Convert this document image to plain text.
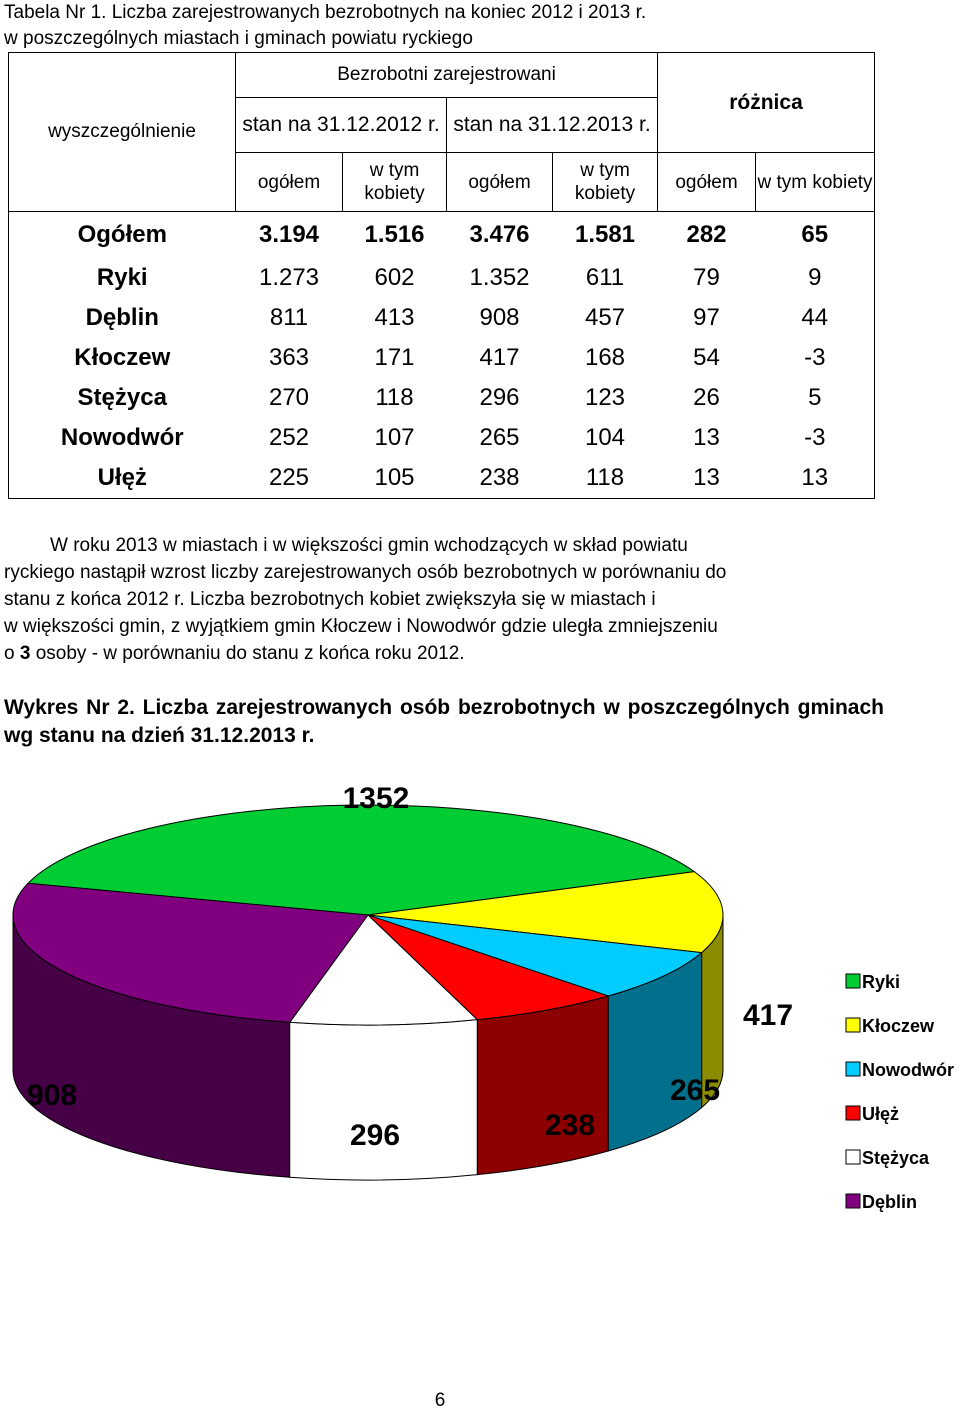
Tabela Nr 1. Liczba zarejestrowanych bezrobotnych na koniec 2012 i 2013 r.
w poszczególnych miastach i gminach powiatu ryckiego
wyszczególnienie	Bezrobotni zarejestrowani				różnica	
	stan na 31.12.2012 r.		stan na 31.12.2013 r.			
	ogółem	w tym kobiety	ogółem	w tym kobiety	ogółem	w tym kobiety
Ogółem	3.194	1.516	3.476	1.581	282	65
Ryki	1.273	602	1.352	611	79	9
Dęblin	811	413	908	457	97	44
Kłoczew	363	171	417	168	54	-3
Stężyca	270	118	296	123	26	5
Nowodwór	252	107	265	104	13	-3
Ułęż	225	105	238	118	13	13

W roku 2013 w miastach i w większości gmin wchodzących w skład powiatu

ryckiego nastąpił wzrost liczby zarejestrowanych osób bezrobotnych w porównaniu do

stanu z końca 2012 r. Liczba bezrobotnych kobiet zwiększyła się w miastach i

w większości gmin, z wyjątkiem gmin Kłoczew i Nowodwór gdzie uległa zmniejszeniu

o 3 osoby - w porównaniu do stanu z końca roku 2012.

Wykres Nr 2. Liczba zarejestrowanych osób bezrobotnych w poszczególnych gminach wg stanu na dzień 31.12.2013 r.
1352
417
265
238
296
908
Ryki
Kłoczew
Nowodwór
Ułęż
Stężyca
Dęblin
6
